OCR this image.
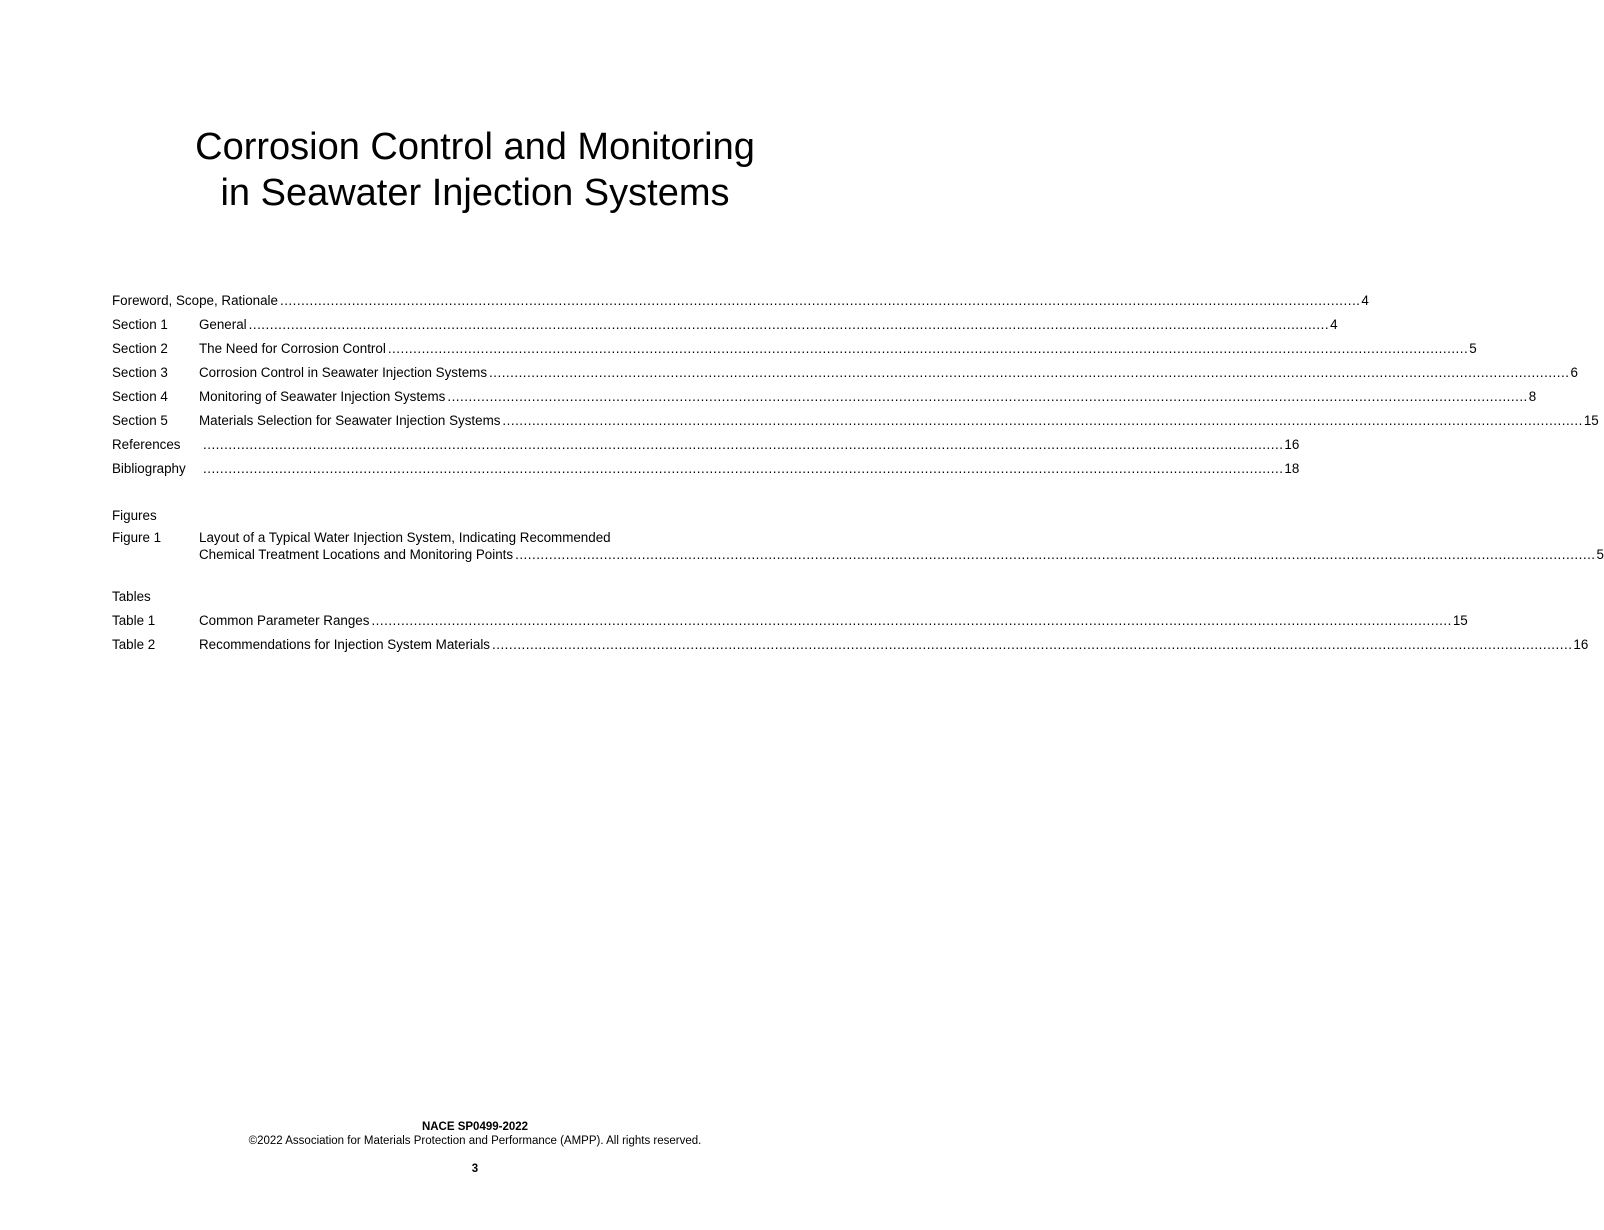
Corrosion Control and Monitoring
in Seawater Injection Systems
Foreword, Scope, Rationale ................................................................................................................................................................................................................................................................ 4
Section 1 General ................................................................................................................................................................................................................................................................ 4
Section 2 The Need for Corrosion Control ................................................................................................................................................................................................................................................................ 5
Section 3 Corrosion Control in Seawater Injection Systems ................................................................................................................................................................................................................................................................ 6
Section 4 Monitoring of Seawater Injection Systems ................................................................................................................................................................................................................................................................ 8
Section 5 Materials Selection for Seawater Injection Systems ................................................................................................................................................................................................................................................................ 15
References ................................................................................................................................................................................................................................................................ 16
Bibliography ................................................................................................................................................................................................................................................................ 18
Figures
Figure 1	Layout of a Typical Water Injection System, Indicating Recommended
Chemical Treatment Locations and Monitoring Points ................................................................................................................................................................................................................................................................ 5
Tables
Table 1	Common Parameter Ranges ................................................................................................................................................................................................................................................................ 15
Table 2	Recommendations for Injection System Materials ................................................................................................................................................................................................................................................................ 16
NACE SP0499-2022
©2022 Association for Materials Protection and Performance (AMPP). All rights reserved.
3
